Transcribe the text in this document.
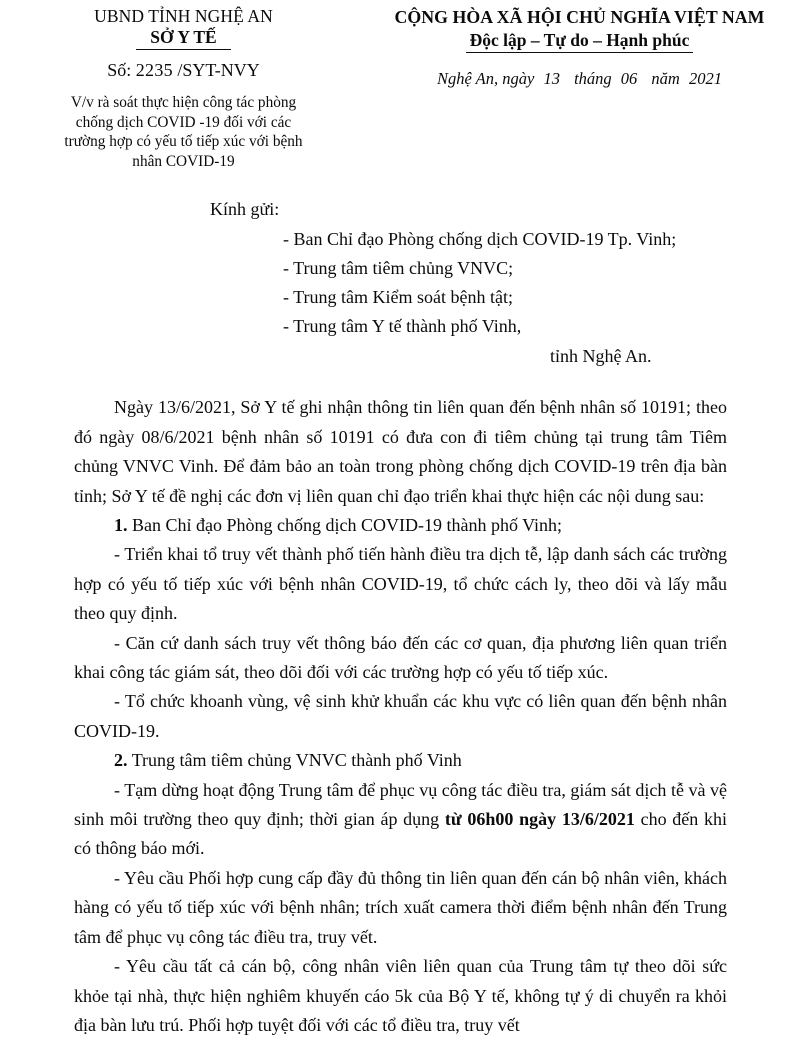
UBND TỈNH NGHỆ AN
SỞ Y TẾ
Số: 2235 /SYT-NVY
V/v rà soát thực hiện công tác phòng chống dịch COVID -19 đối với các trường hợp có yếu tố tiếp xúc với bệnh nhân COVID-19
CỘNG HÒA XÃ HỘI CHỦ NGHĨA VIỆT NAM
Độc lập – Tự do – Hạnh phúc
Nghệ An, ngày 13 tháng 06 năm 2021
Kính gửi:
- Ban Chỉ đạo Phòng chống dịch COVID-19 Tp. Vinh;
- Trung tâm tiêm chủng VNVC;
- Trung tâm Kiểm soát bệnh tật;
- Trung tâm Y tế thành phố Vinh,
tỉnh Nghệ An.

Ngày 13/6/2021, Sở Y tế ghi nhận thông tin liên quan đến bệnh nhân số 10191; theo đó ngày 08/6/2021 bệnh nhân số 10191 có đưa con đi tiêm chủng tại trung tâm Tiêm chủng VNVC Vinh. Để đảm bảo an toàn trong phòng chống dịch COVID-19 trên địa bàn tỉnh; Sở Y tế đề nghị các đơn vị liên quan chỉ đạo triển khai thực hiện các nội dung sau:

1. Ban Chỉ đạo Phòng chống dịch COVID-19 thành phố Vinh;

- Triển khai tổ truy vết thành phố tiến hành điều tra dịch tễ, lập danh sách các trường hợp có yếu tố tiếp xúc với bệnh nhân COVID-19, tổ chức cách ly, theo dõi và lấy mẫu theo quy định.

- Căn cứ danh sách truy vết thông báo đến các cơ quan, địa phương liên quan triển khai công tác giám sát, theo dõi đối với các trường hợp có yếu tố tiếp xúc.

- Tổ chức khoanh vùng, vệ sinh khử khuẩn các khu vực có liên quan đến bệnh nhân COVID-19.

2. Trung tâm tiêm chủng VNVC thành phố Vinh

- Tạm dừng hoạt động Trung tâm để phục vụ công tác điều tra, giám sát dịch tễ và vệ sinh môi trường theo quy định; thời gian áp dụng từ 06h00 ngày 13/6/2021 cho đến khi có thông báo mới.

- Yêu cầu Phối hợp cung cấp đầy đủ thông tin liên quan đến cán bộ nhân viên, khách hàng có yếu tố tiếp xúc với bệnh nhân; trích xuất camera thời điểm bệnh nhân đến Trung tâm để phục vụ công tác điều tra, truy vết.

- Yêu cầu tất cả cán bộ, công nhân viên liên quan của Trung tâm tự theo dõi sức khỏe tại nhà, thực hiện nghiêm khuyến cáo 5k của Bộ Y tế, không tự ý di chuyển ra khỏi địa bàn lưu trú. Phối hợp tuyệt đối với các tổ điều tra, truy vết
